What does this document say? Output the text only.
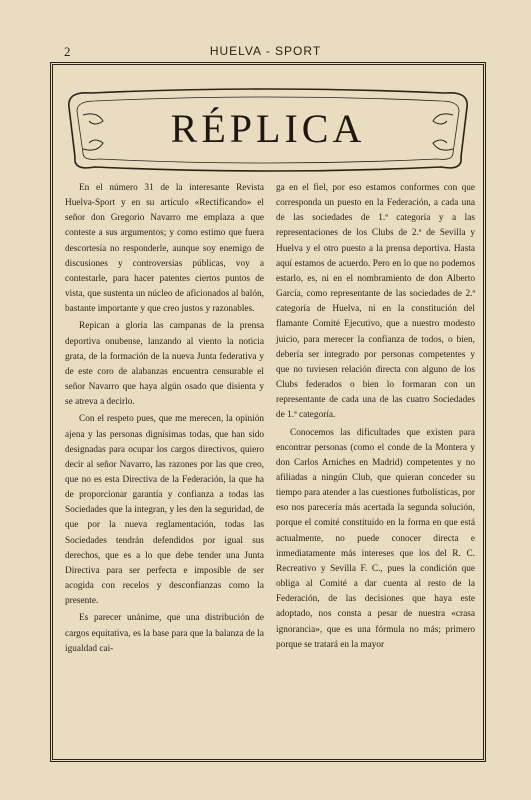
2	HUELVA - SPORT
RÉPLICA

En el número 31 de la interesante Revista Huelva-Sport y en su artículo «Rectificando» el señor don Gregorio Navarro me emplaza a que conteste a sus argumentos; y como estimo que fuera descortesía no responderle, aunque soy enemigo de discusiones y controversias públicas, voy a contestarle, para hacer patentes ciertos puntos de vista, que sustenta un núcleo de aficionados al balón, bastante importante y que creo justos y razonables.

Repican a gloria las campanas de la prensa deportiva onubense, lanzando al viento la noticia grata, de la formación de la nueva Junta federativa y de este coro de alabanzas encuentra censurable el señor Navarro que haya algún osado que disienta y se atreva a decirlo.

Con el respeto pues, que me merecen, la opinión ajena y las personas dignísimas todas, que han sido designadas para ocupar los cargos directivos, quiero decir al señor Navarro, las razones por las que creo, que no es esta Directiva de la Federación, la que ha de proporcionar garantía y confianza a todas las Sociedades que la integran, y les den la seguridad, de que por la nueva reglamentación, todas las Sociedades tendrán defendidos por igual sus derechos, que es a lo que debe tender una Junta Directiva para ser perfecta e imposible de ser acogida con recelos y desconfianzas como la presente.

Es parecer unánime, que una distribución de cargos equitativa, es la base para que la balanza de la igualdad cai-

ga en el fiel, por eso estamos conformes con que corresponda un puesto en la Federación, a cada una de las sociedades de 1.ª categoría y a las representaciones de los Clubs de 2.ª de Sevilla y Huelva y el otro puesto a la prensa deportiva. Hasta aquí estamos de acuerdo. Pero en lo que no podemos estarlo, es, ni en el nombramiento de don Alberto García, como representante de las sociedades de 2.ª categoría de Huelva, ni en la constitución del flamante Comité Ejecutivo, que a nuestro modesto juicio, para merecer la confianza de todos, o bien, debería ser integrado por personas competentes y que no tuviesen relación directa con alguno de los Clubs federados o bien lo formaran con un representante de cada una de las cuatro Sociedades de 1.ª categoría.

Conocemos las dificultades que existen para encontrar personas (como el conde de la Montera y don Carlos Arniches en Madrid) competentes y no afiliadas a ningún Club, que quieran conceder su tiempo para atender a las cuestiones futbolísticas, por eso nos parecería más acertada la segunda solución, porque el comité constituído en la forma en que está actualmente, no puede conocer directa e inmediatamente más intereses que los del R. C. Recreativo y Sevilla F. C., pues la condición que obliga al Comité a dar cuenta al resto de la Federación, de las decisiones que haya este adoptado, nos consta a pesar de nuestra «crasa ignorancia», que es una fórmula no más; primero porque se tratará en la mayor
